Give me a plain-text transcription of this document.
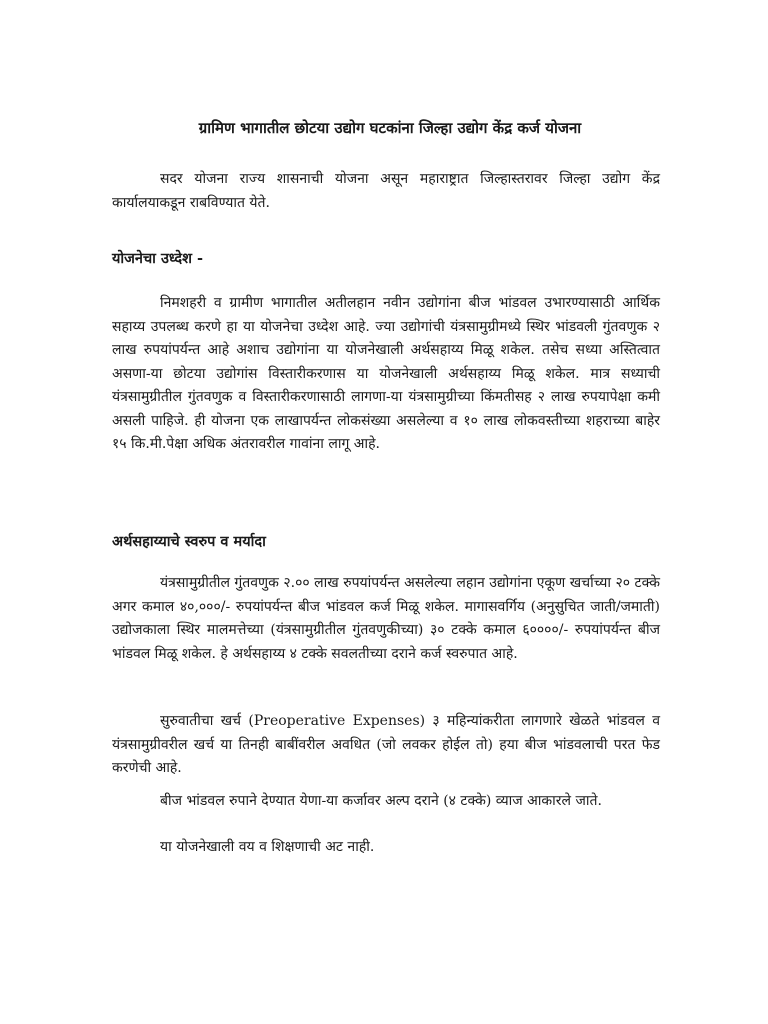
ग्रामिण भागातील छोटया उद्योग घटकांना जिल्हा उद्योग केंद्र कर्ज योजना

सदर योजना राज्य शासनाची योजना असून महाराष्ट्रात जिल्हास्तरावर जिल्हा उद्योग केंद्र कार्यालयाकडून राबविण्यात येते.

योजनेचा उध्देश -

निमशहरी व ग्रामीण भागातील अतीलहान नवीन उद्योगांना बीज भांडवल उभारण्यासाठी आर्थिक सहाय्य उपलब्ध करणे हा या योजनेचा उध्देश आहे. ज्या उद्योगांची यंत्रसामुग्रीमध्ये स्थिर भांडवली गुंतवणुक २ लाख रुपयांपर्यन्त आहे अशाच उद्योगांना या योजनेखाली अर्थसहाय्य मिळू शकेल. तसेच सध्या अस्तित्वात असणा-या छोटया उद्योगांस विस्तारीकरणास या योजनेखाली अर्थसहाय्य मिळू शकेल. मात्र सध्याची यंत्रसामुग्रीतील गुंतवणुक व विस्तारीकरणासाठी लागणा-या यंत्रसामुग्रीच्या किंमतीसह २ लाख रुपयापेक्षा कमी असली पाहिजे. ही योजना एक लाखापर्यन्त लोकसंख्या असलेल्या व १० लाख लोकवस्तीच्या शहराच्या बाहेर १५ कि.मी.पेक्षा अधिक अंतरावरील गावांना लागू आहे.

अर्थसहाय्याचे स्वरुप व मर्यादा

यंत्रसामुग्रीतील गुंतवणुक २.०० लाख रुपयांपर्यन्त असलेल्या लहान उद्योगांना एकूण खर्चाच्या २० टक्के अगर कमाल ४०,०००/- रुपयांपर्यन्त बीज भांडवल कर्ज मिळू शकेल. मागासवर्गिय (अनुसुचित जाती/जमाती) उद्योजकाला स्थिर मालमत्तेच्या (यंत्रसामुग्रीतील गुंतवणुकीच्या) ३० टक्के कमाल ६००००/- रुपयांपर्यन्त बीज भांडवल मिळू शकेल. हे अर्थसहाय्य ४ टक्के सवलतीच्या दराने कर्ज स्वरुपात आहे.

सुरुवातीचा खर्च (Preoperative Expenses) ३ महिन्यांकरीता लागणारे खेळते भांडवल व यंत्रसामुग्रीवरील खर्च या तिनही बाबींवरील अवधित (जो लवकर होईल तो) हया बीज भांडवलाची परत फेड करणेची आहे.

बीज भांडवल रुपाने देण्यात येणा-या कर्जावर अल्प दराने (४ टक्के) व्याज आकारले जाते.

या योजनेखाली वय व शिक्षणाची अट नाही.
